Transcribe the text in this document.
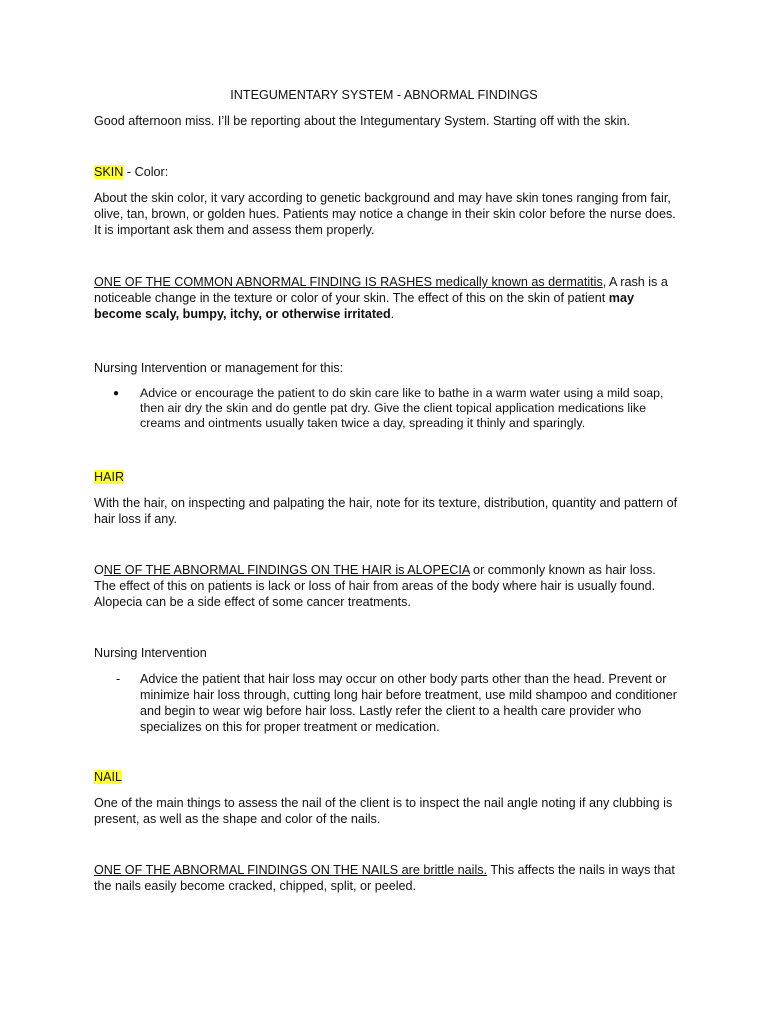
INTEGUMENTARY SYSTEM - ABNORMAL FINDINGS

Good afternoon miss. I’ll be reporting about the Integumentary System. Starting off with the skin.

SKIN - Color:

About the skin color, it vary according to genetic background and may have skin tones ranging from fair, olive, tan, brown, or golden hues. Patients may notice a change in their skin color before the nurse does. It is important ask them and assess them properly.

ONE OF THE COMMON ABNORMAL FINDING IS RASHES medically known as dermatitis, A rash is a noticeable change in the texture or color of your skin. The effect of this on the skin of patient may become scaly, bumpy, itchy, or otherwise irritated.

Nursing Intervention or management for this:

●	Advice or encourage the patient to do skin care like to bathe in a warm water using a mild soap, then air dry the skin and do gentle pat dry. Give the client topical application medications like creams and ointments usually taken twice a day, spreading it thinly and sparingly.

HAIR

With the hair, on inspecting and palpating the hair, note for its texture, distribution, quantity and pattern of hair loss if any.

ONE OF THE ABNORMAL FINDINGS ON THE HAIR is ALOPECIA or commonly known as hair loss. The effect of this on patients is lack or loss of hair from areas of the body where hair is usually found. Alopecia can be a side effect of some cancer treatments.

Nursing Intervention

-	Advice the patient that hair loss may occur on other body parts other than the head. Prevent or minimize hair loss through, cutting long hair before treatment, use mild shampoo and conditioner and begin to wear wig before hair loss. Lastly refer the client to a health care provider who specializes on this for proper treatment or medication.

NAIL

One of the main things to assess the nail of the client is to inspect the nail angle noting if any clubbing is present, as well as the shape and color of the nails.

ONE OF THE ABNORMAL FINDINGS ON THE NAILS are brittle nails. This affects the nails in ways that the nails easily become cracked, chipped, split, or peeled.
